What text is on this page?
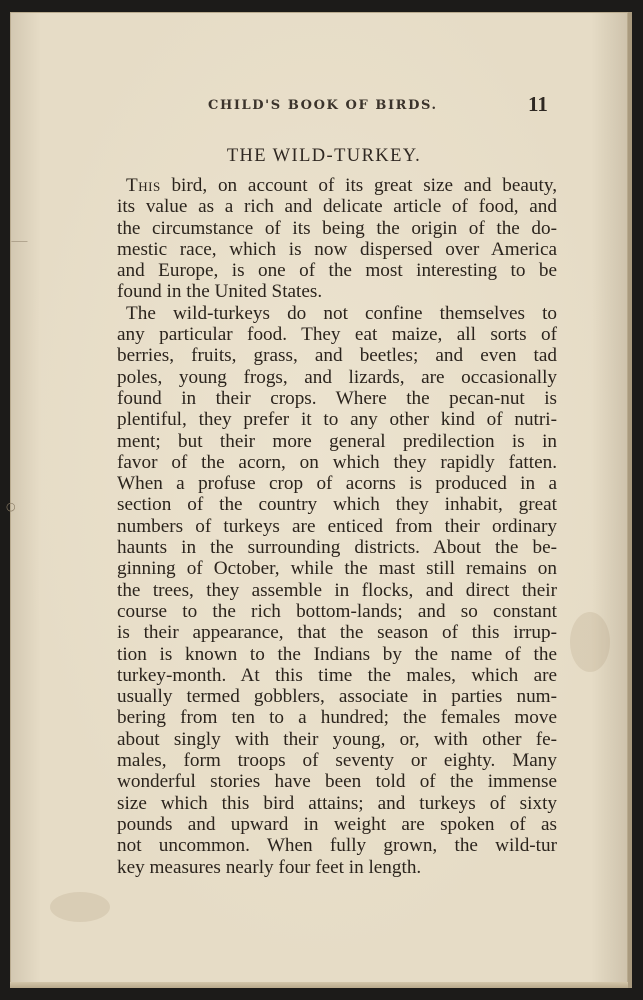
CHILD'S BOOK OF BIRDS.	11
THE WILD-TURKEY.
This bird, on account of its great size and beauty,
its value as a rich and delicate article of food, and
the circumstance of its being the origin of the do-
mestic race, which is now dispersed over America
and Europe, is one of the most interesting to be
found in the United States.
The wild-turkeys do not confine themselves to
any particular food. They eat maize, all sorts of
berries, fruits, grass, and beetles; and even tad
poles, young frogs, and lizards, are occasionally
found in their crops. Where the pecan-nut is
plentiful, they prefer it to any other kind of nutri-
ment; but their more general predilection is in
favor of the acorn, on which they rapidly fatten.
When a profuse crop of acorns is produced in a
section of the country which they inhabit, great
numbers of turkeys are enticed from their ordinary
haunts in the surrounding districts. About the be-
ginning of October, while the mast still remains on
the trees, they assemble in flocks, and direct their
course to the rich bottom-lands; and so constant
is their appearance, that the season of this irrup-
tion is known to the Indians by the name of the
turkey-month. At this time the males, which are
usually termed gobblers, associate in parties num-
bering from ten to a hundred; the females move
about singly with their young, or, with other fe-
males, form troops of seventy or eighty. Many
wonderful stories have been told of the immense
size which this bird attains; and turkeys of sixty
pounds and upward in weight are spoken of as
not uncommon. When fully grown, the wild-tur
key measures nearly four feet in length.
⸺
○
